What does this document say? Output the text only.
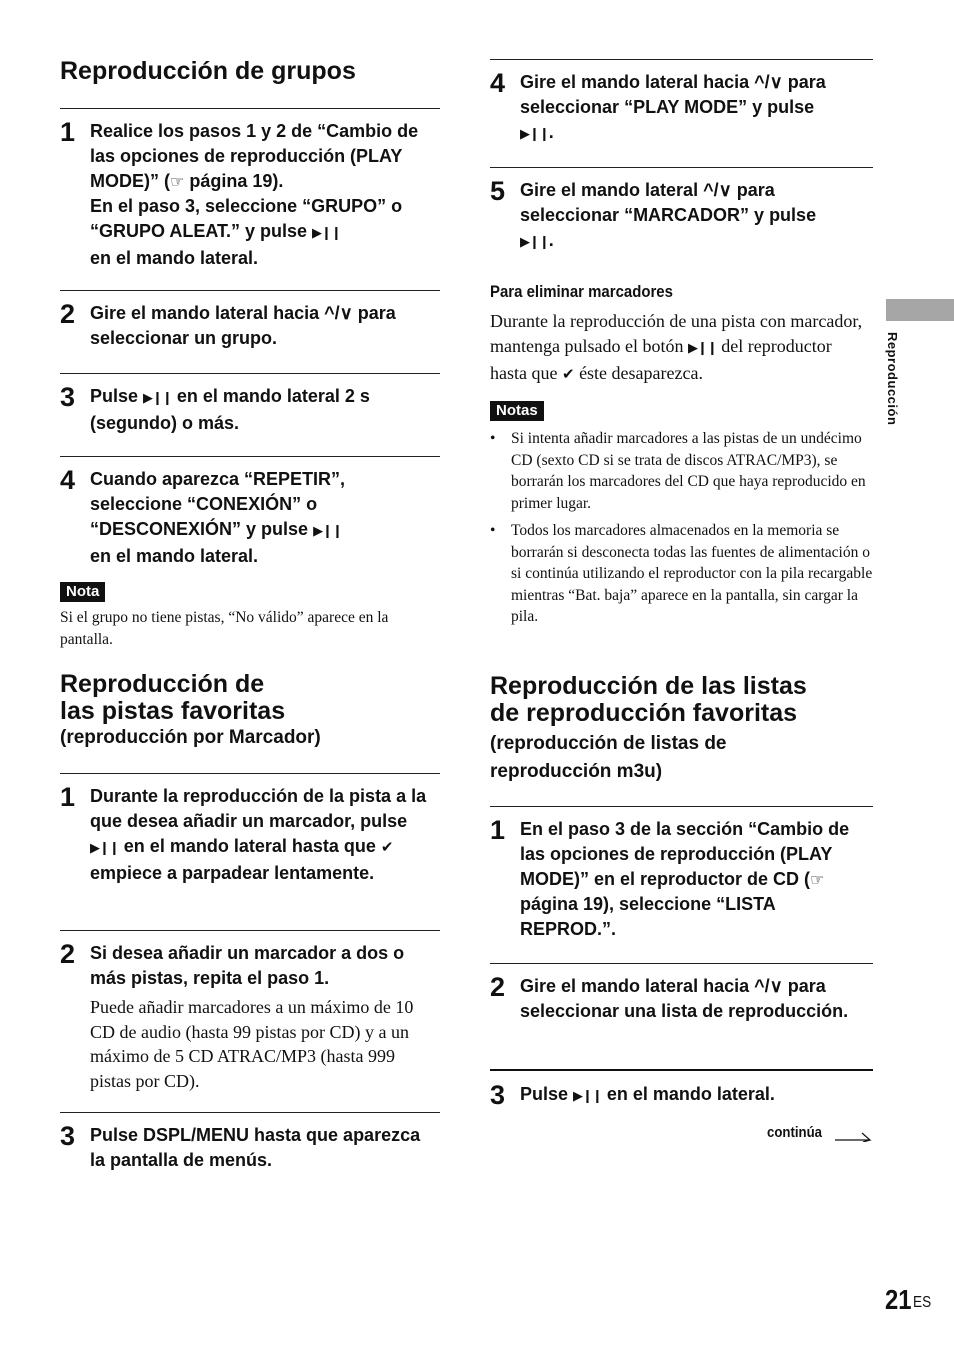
Reproducción de grupos
1 Realice los pasos 1 y 2 de “Cambio de las opciones de reproducción (PLAY MODE)” (☞ página 19).
En el paso 3, seleccione “GRUPO” o “GRUPO ALEAT.” y pulse ▶❙❙
en el mando lateral.
2 Gire el mando lateral hacia ^/∨ para seleccionar un grupo.
3 Pulse ▶❙❙ en el mando lateral 2 s (segundo) o más.
4 Cuando aparezca “REPETIR”, seleccione “CONEXIÓN” o “DESCONEXIÓN” y pulse ▶❙❙
en el mando lateral.
Nota
Si el grupo no tiene pistas, “No válido” aparece en la pantalla.
Reproducción de
las pistas favoritas
(reproducción por Marcador)
1 Durante la reproducción de la pista a la que desea añadir un marcador, pulse ▶❙❙ en el mando lateral hasta que ✔ empiece a parpadear lentamente.
2 Si desea añadir un marcador a dos o más pistas, repita el paso 1.
Puede añadir marcadores a un máximo de 10 CD de audio (hasta 99 pistas por CD) y a un máximo de 5 CD ATRAC/MP3 (hasta 999 pistas por CD).
3 Pulse DSPL/MENU hasta que aparezca la pantalla de menús.
4 Gire el mando lateral hacia ^/∨ para seleccionar “PLAY MODE” y pulse
▶❙❙.
5 Gire el mando lateral ^/∨ para seleccionar “MARCADOR” y pulse
▶❙❙.
Para eliminar marcadores
Durante la reproducción de una pista con marcador, mantenga pulsado el botón ▶❙❙ del reproductor hasta que ✔ éste desaparezca.
Notas
• Si intenta añadir marcadores a las pistas de un undécimo CD (sexto CD si se trata de discos ATRAC/MP3), se borrarán los marcadores del CD que haya reproducido en primer lugar.
• Todos los marcadores almacenados en la memoria se borrarán si desconecta todas las fuentes de alimentación o si continúa utilizando el reproductor con la pila recargable mientras “Bat. baja” aparece en la pantalla, sin cargar la pila.
Reproducción de las listas
de reproducción favoritas
(reproducción de listas de
reproducción m3u)
1 En el paso 3 de la sección “Cambio de las opciones de reproducción (PLAY MODE)” en el reproductor de CD (☞ página 19), seleccione “LISTA REPROD.”.
2 Gire el mando lateral hacia ^/∨ para seleccionar una lista de reproducción.
3 Pulse ▶❙❙ en el mando lateral.
continúa
Reproducción
21 ES
